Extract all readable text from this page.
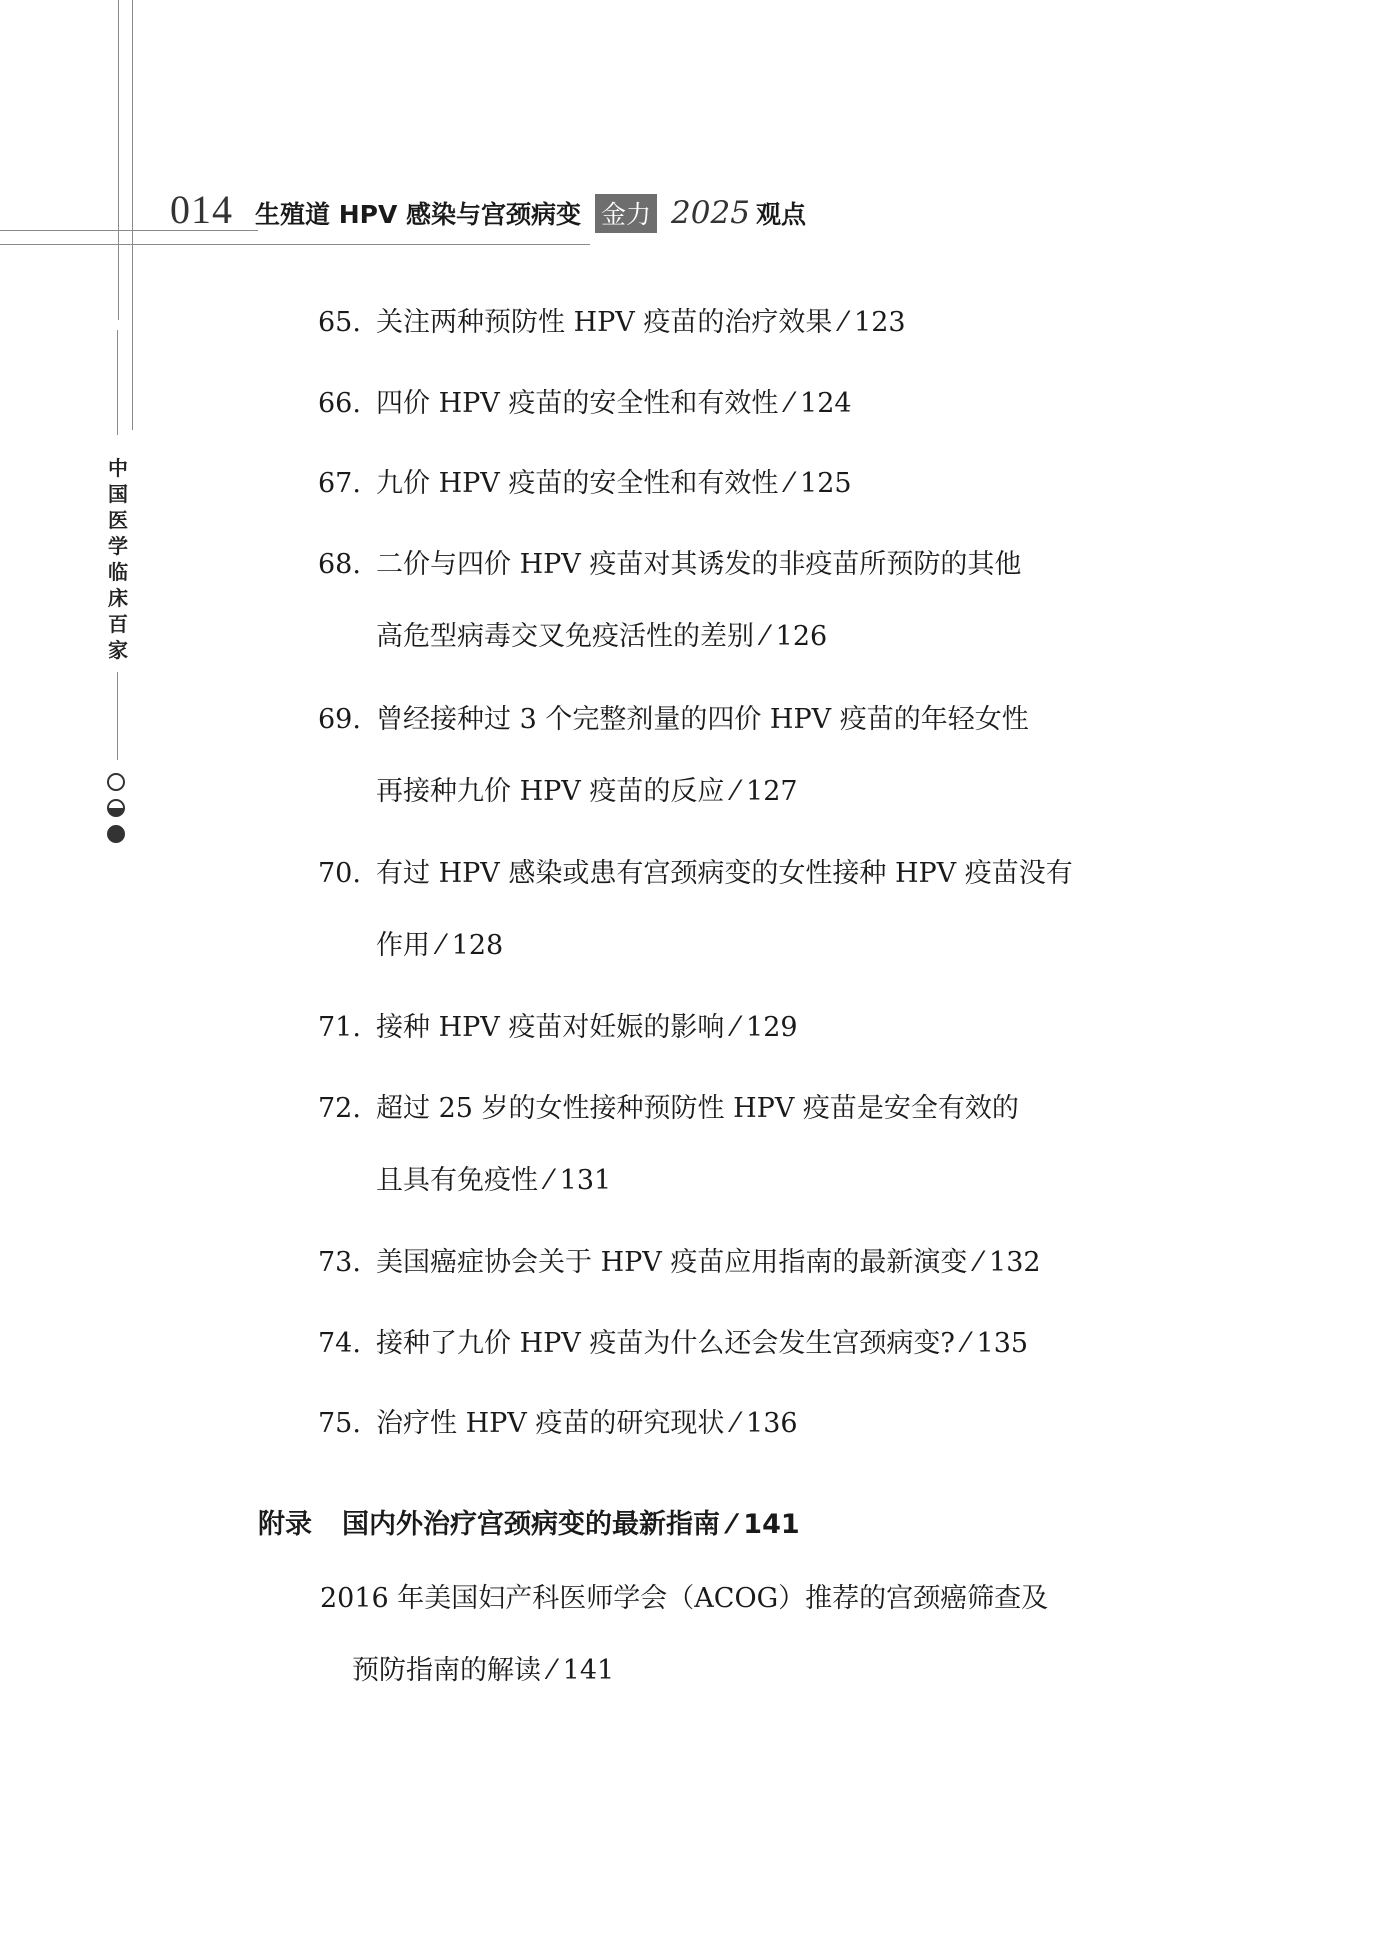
014 生殖道 HPV 感染与宫颈病变 金力 2025 观点
中国医学临床百家
65. 关注两种预防性 HPV 疫苗的治疗效果 ⁄ 123
66. 四价 HPV 疫苗的安全性和有效性 ⁄ 124
67. 九价 HPV 疫苗的安全性和有效性 ⁄ 125
68. 二价与四价 HPV 疫苗对其诱发的非疫苗所预防的其他
高危型病毒交叉免疫活性的差别 ⁄ 126
69. 曾经接种过 3 个完整剂量的四价 HPV 疫苗的年轻女性
再接种九价 HPV 疫苗的反应 ⁄ 127
70. 有过 HPV 感染或患有宫颈病变的女性接种 HPV 疫苗没有
作用 ⁄ 128
71. 接种 HPV 疫苗对妊娠的影响 ⁄ 129
72. 超过 25 岁的女性接种预防性 HPV 疫苗是安全有效的
且具有免疫性 ⁄ 131
73. 美国癌症协会关于 HPV 疫苗应用指南的最新演变 ⁄ 132
74. 接种了九价 HPV 疫苗为什么还会发生宫颈病变? ⁄ 135
75. 治疗性 HPV 疫苗的研究现状 ⁄ 136
附录 国内外治疗宫颈病变的最新指南 ⁄ 141
2016 年美国妇产科医师学会（ACOG）推荐的宫颈癌筛查及
预防指南的解读 ⁄ 141
